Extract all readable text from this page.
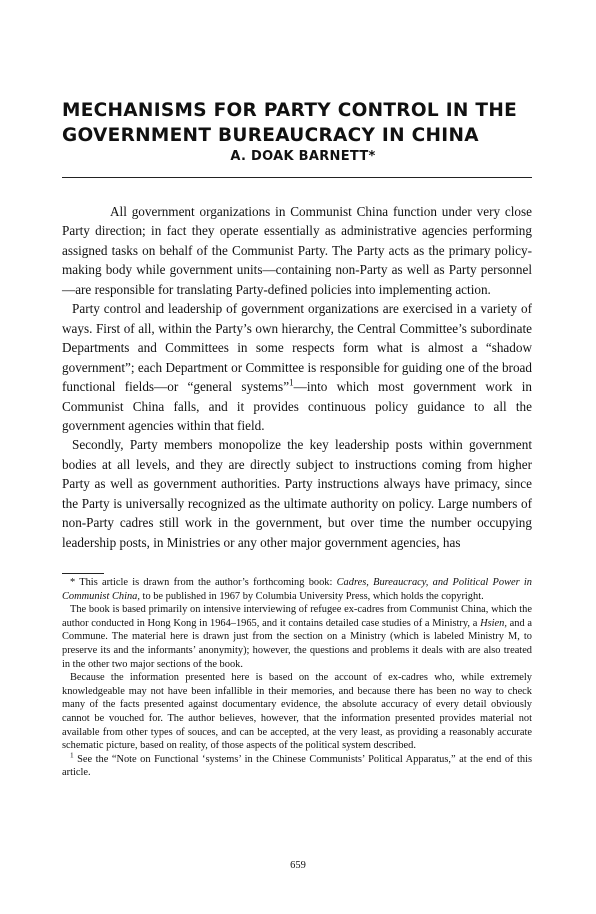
MECHANISMS FOR PARTY CONTROL IN THE
GOVERNMENT BUREAUCRACY IN CHINA
A. DOAK BARNETT*

All government organizations in Communist China function under very close Party direction; in fact they operate essentially as administrative agencies performing assigned tasks on behalf of the Communist Party. The Party acts as the primary policy-making body while government units—containing non-Party as well as Party personnel—are responsible for translating Party-defined policies into implementing action.

Party control and leadership of government organizations are exercised in a variety of ways. First of all, within the Party’s own hierarchy, the Central Committee’s subordinate Departments and Committees in some respects form what is almost a “shadow government”; each Department or Committee is responsible for guiding one of the broad functional fields—or “general systems”$^1$—into which most government work in Communist China falls, and it provides continuous policy guidance to all the government agencies within that field.

Secondly, Party members monopolize the key leadership posts within government bodies at all levels, and they are directly subject to instructions coming from higher Party as well as government authorities. Party instructions always have primacy, since the Party is universally recognized as the ultimate authority on policy. Large numbers of non-Party cadres still work in the government, but over time the number occupying leadership posts, in Ministries or any other major government agencies, has

* This article is drawn from the author’s forthcoming book: Cadres, Bureaucracy, and Political Power in Communist China, to be published in 1967 by Columbia University Press, which holds the copyright.

The book is based primarily on intensive interviewing of refugee ex-cadres from Communist China, which the author conducted in Hong Kong in 1964–1965, and it contains detailed case studies of a Ministry, a Hsien, and a Commune. The material here is drawn just from the section on a Ministry (which is labeled Ministry M, to preserve its and the informants’ anonymity); however, the questions and problems it deals with are also treated in the other two major sections of the book.

Because the information presented here is based on the account of ex-cadres who, while extremely knowledgeable may not have been infallible in their memories, and because there has been no way to check many of the facts presented against documentary evidence, the absolute accuracy of every detail obviously cannot be vouched for. The author believes, however, that the information presented provides material not available from other types of souces, and can be accepted, at the very least, as providing a reasonably accurate schematic picture, based on reality, of those aspects of the political system described.

$^1$ See the “Note on Functional ‘systems’ in the Chinese Communists’ Political Apparatus,” at the end of this article.

659
